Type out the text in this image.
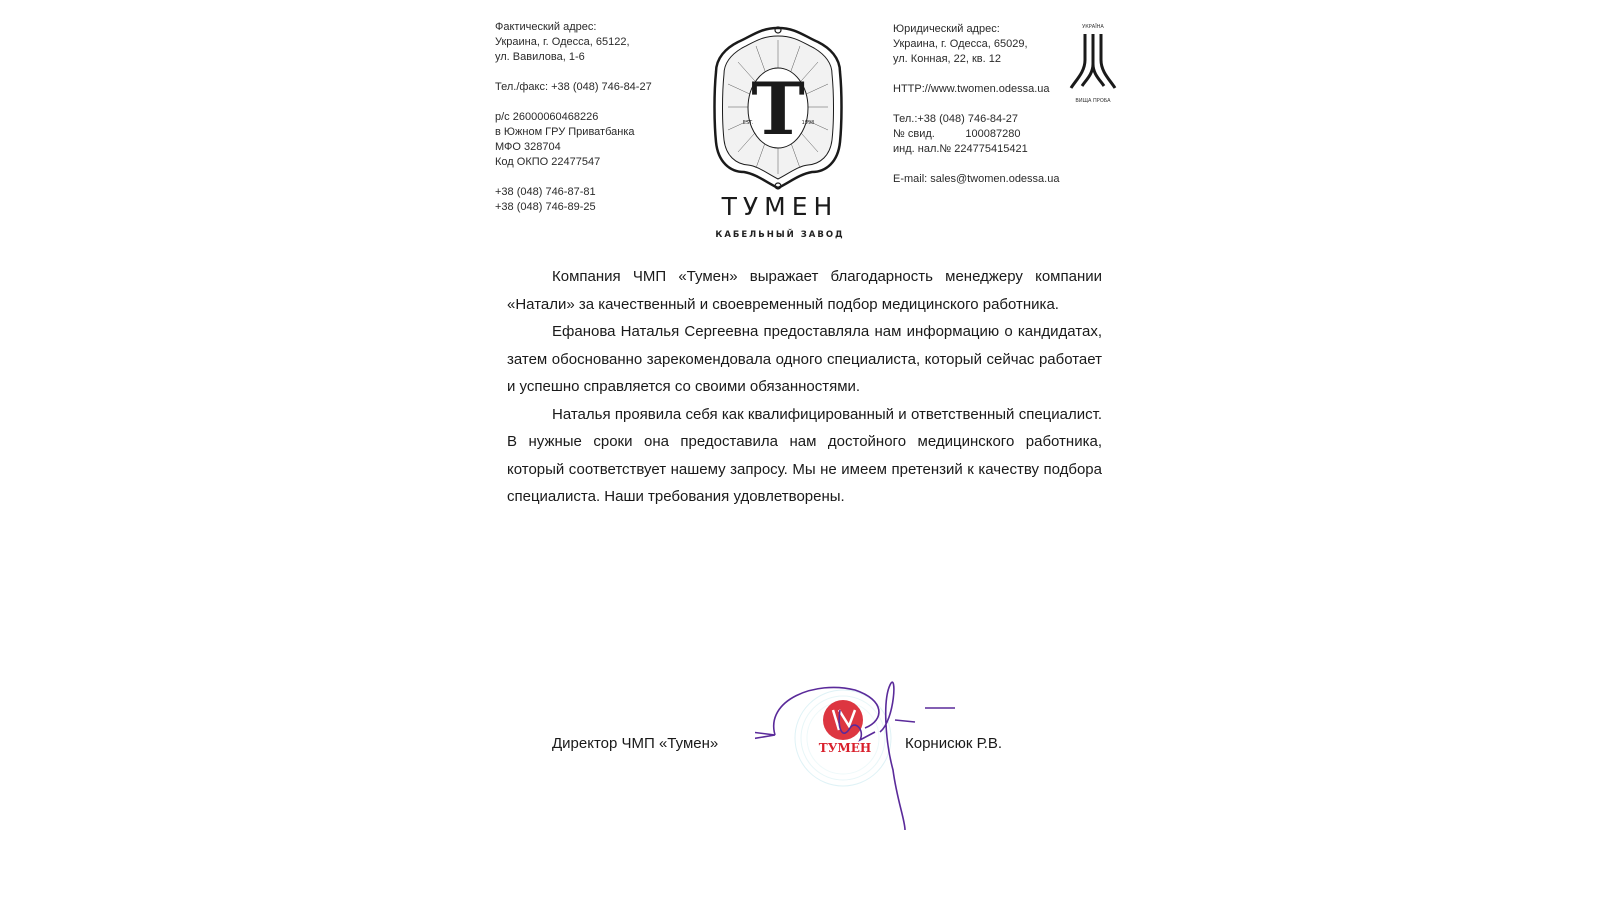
Фактический адрес:
Украина, г. Одесса, 65122,
ул. Вавилова, 1-6
Тел./факс: +38 (048) 746-84-27
р/с 26000060468226
в Южном ГРУ Приватбанка
МФО 328704
Код ОКПО 22477547
+38 (048) 746-87-81
+38 (048) 746-89-25
Т
EST.	1998
ТУМЕН
КАБЕЛЬНЫЙ ЗАВОД
Юридический адрес:
Украина, г. Одесса, 65029,
ул. Конная, 22, кв. 12
HTTP://www.twomen.odessa.ua
Тел.:+38 (048) 746-84-27
№ свид.          100087280
инд. нал.№ 224775415421
E-mail: sales@twomen.odessa.ua
УКРАЇНА
ВИЩА ПРОБА

Компания ЧМП «Тумен» выражает благодарность менеджеру компании «Натали» за качественный и своевременный подбор медицинского работника.

Ефанова Наталья Сергеевна предоставляла нам информацию о кандидатах, затем обоснованно зарекомендовала одного специалиста, который сейчас работает и успешно справляется со своими обязанностями.

Наталья проявила себя как квалифицированный и ответственный специалист. В нужные сроки она предоставила нам достойного медицинского работника, который соответствует нашему запросу. Мы не имеем претензий к качеству подбора специалиста. Наши требования удовлетворены.

Директор ЧМП «Тумен»	ТУМЕН Корнисюк Р.В.
